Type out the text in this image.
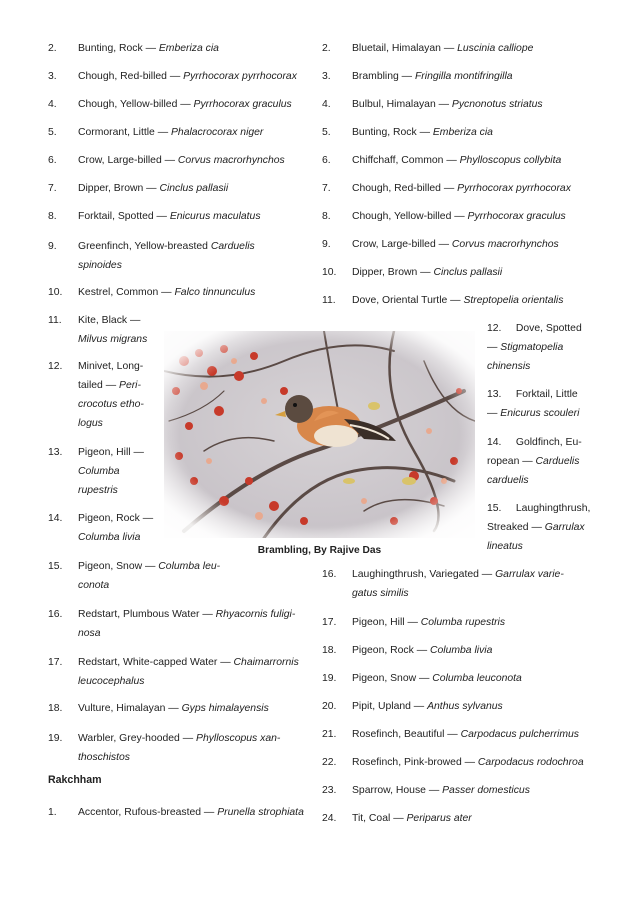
2. Bunting, Rock — Emberiza cia
3. Chough, Red-billed — Pyrrhocorax pyrrhocorax
4. Chough, Yellow-billed — Pyrrhocorax graculus
5. Cormorant, Little — Phalacrocorax niger
6. Crow, Large-billed — Corvus macrorhynchos
7. Dipper, Brown — Cinclus pallasii
8. Forktail, Spotted — Enicurus maculatus
9. Greenfinch, Yellow-breasted Carduelis
spinoides
10. Kestrel, Common — Falco tinnunculus
11. Kite, Black —
Milvus migrans
12. Minivet, Long-
tailed — Peri-
crocotus etho-
logus
13. Pigeon, Hill —
Columba
rupestris
14. Pigeon, Rock —
Columba livia
15. Pigeon, Snow — Columba leu-
conota
16. Redstart, Plumbous Water — Rhyacornis fuligi-
nosa
17. Redstart, White-capped Water — Chaimarrornis
leucocephalus
18. Vulture, Himalayan — Gyps himalayensis
19. Warbler, Grey-hooded — Phylloscopus xan-
thoschistos
Rakchham
1. Accentor, Rufous-breasted — Prunella strophiata
2. Bluetail, Himalayan — Luscinia calliope
3. Brambling — Fringilla montifringilla
4. Bulbul, Himalayan — Pycnonotus striatus
5. Bunting, Rock — Emberiza cia
6. Chiffchaff, Common — Phylloscopus collybita
7. Chough, Red-billed — Pyrrhocorax pyrrhocorax
8. Chough, Yellow-billed — Pyrrhocorax graculus
9. Crow, Large-billed — Corvus macrorhynchos
10. Dipper, Brown — Cinclus pallasii
11. Dove, Oriental Turtle — Streptopelia orientalis
12. Dove, Spotted
— Stigmatopelia
chinensis
13. Forktail, Little
— Enicurus scouleri
14. Goldfinch, Eu-
ropean — Carduelis
carduelis
15. Laughingthrush,
Streaked — Garrulax
lineatus
16. Laughingthrush, Variegated — Garrulax varie-
gatus similis
17. Pigeon, Hill — Columba rupestris
18. Pigeon, Rock — Columba livia
19. Pigeon, Snow — Columba leuconota
20. Pipit, Upland — Anthus sylvanus
21. Rosefinch, Beautiful — Carpodacus pulcherrimus
22. Rosefinch, Pink-browed — Carpodacus rodochroa
23. Sparrow, House — Passer domesticus
24. Tit, Coal — Periparus ater
Brambling, By Rajive Das
